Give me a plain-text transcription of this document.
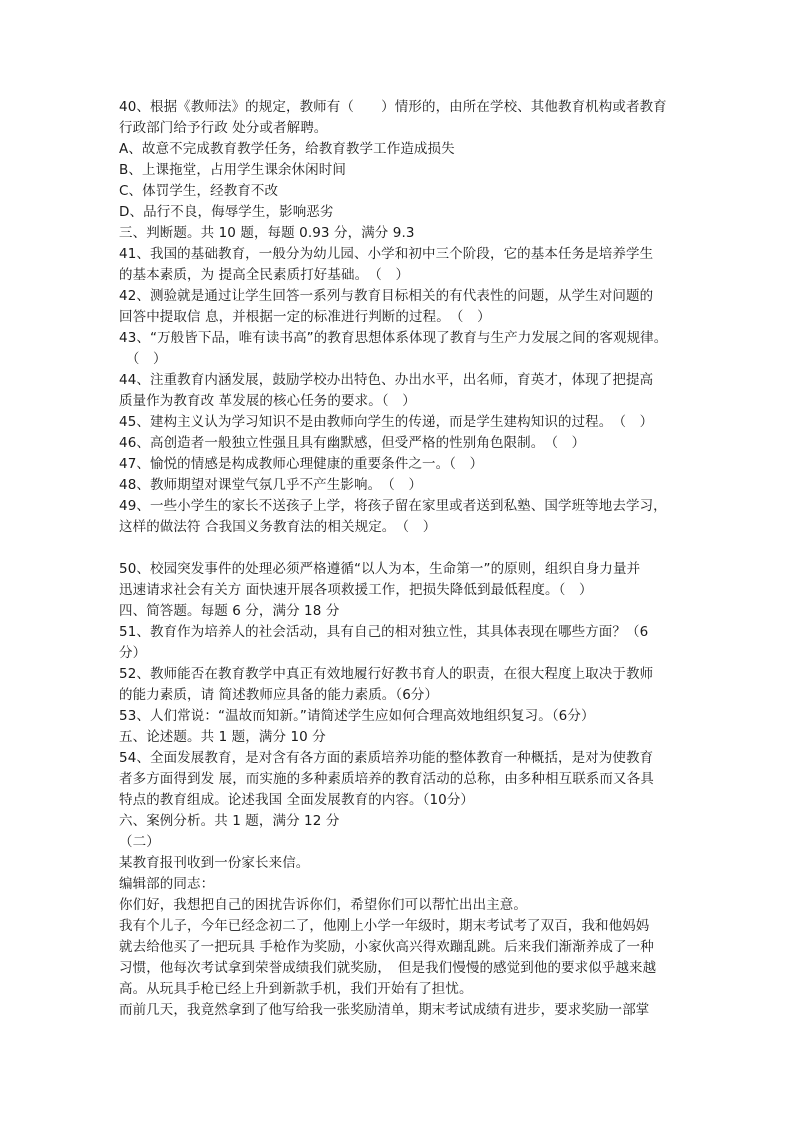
40、根据《教师法》的规定，教师有（　　）情形的，由所在学校、其他教育机构或者教育
行政部门给予行政 处分或者解聘。
A、故意不完成教育教学任务，给教育教学工作造成损失
B、上课拖堂，占用学生课余休闲时间
C、体罚学生，经教育不改
D、品行不良，侮辱学生，影响恶劣
三、判断题。共 10 题，每题 0.93 分，满分 9.3
41、我国的基础教育，一般分为幼儿园、小学和初中三个阶段，它的基本任务是培养学生
的基本素质，为 提高全民素质打好基础。　（　）
42、测验就是通过让学生回答一系列与教育目标相关的有代表性的问题，从学生对问题的
回答中提取信 息，并根据一定的标准进行判断的过程。　（　）
43、“万般皆下品，唯有读书高”的教育思想体系体现了教育与生产力发展之间的客观规律。
　（　）
44、注重教育内涵发展，鼓励学校办出特色、办出水平，出名师，育英才，体现了把提高
质量作为教育改 革发展的核心任务的要求。（　）
45、建构主义认为学习知识不是由教师向学生的传递，而是学生建构知识的过程。　（　）
46、高创造者一般独立性强且具有幽默感，但受严格的性别角色限制。　（　）
47、愉悦的情感是构成教师心理健康的重要条件之一。（　）
48、教师期望对课堂气氛几乎不产生影响。　（　）
49、一些小学生的家长不送孩子上学，将孩子留在家里或者送到私塾、国学班等地去学习，
这样的做法符 合我国义务教育法的相关规定。　（　）
50、校园突发事件的处理必须严格遵循“以人为本，生命第一”的原则，组织自身力量并
迅速请求社会有关方 面快速开展各项救援工作，把损失降低到最低程度。（　）
四、简答题。每题 6 分，满分 18 分
51、教育作为培养人的社会活动，具有自己的相对独立性，其具体表现在哪些方面？（6
分）
52、教师能否在教育教学中真正有效地履行好教书育人的职责，在很大程度上取决于教师
的能力素质，请 简述教师应具备的能力素质。（6分）
53、人们常说：“温故而知新。”请简述学生应如何合理高效地组织复习。（6分）
五、论述题。共 1 题，满分 10 分
54、全面发展教育，是对含有各方面的素质培养功能的整体教育一种概括，是对为使教育
者多方面得到发 展，而实施的多种素质培养的教育活动的总称，由多种相互联系而又各具
特点的教育组成。论述我国 全面发展教育的内容。（10分）
六、案例分析。共 1 题，满分 12 分
（二）
某教育报刊收到一份家长来信。
编辑部的同志：
你们好，我想把自己的困扰告诉你们，希望你们可以帮忙出出主意。
我有个儿子，今年已经念初二了，他刚上小学一年级时，期末考试考了双百，我和他妈妈
就去给他买了一把玩具 手枪作为奖励，小家伙高兴得欢蹦乱跳。后来我们渐渐养成了一种
习惯，他每次考试拿到荣誉成绩我们就奖励，　但是我们慢慢的感觉到他的要求似乎越来越
高。从玩具手枪已经上升到新款手机，我们开始有了担忧。
而前几天，我竟然拿到了他写给我一张奖励清单，期末考试成绩有进步，要求奖励一部掌
